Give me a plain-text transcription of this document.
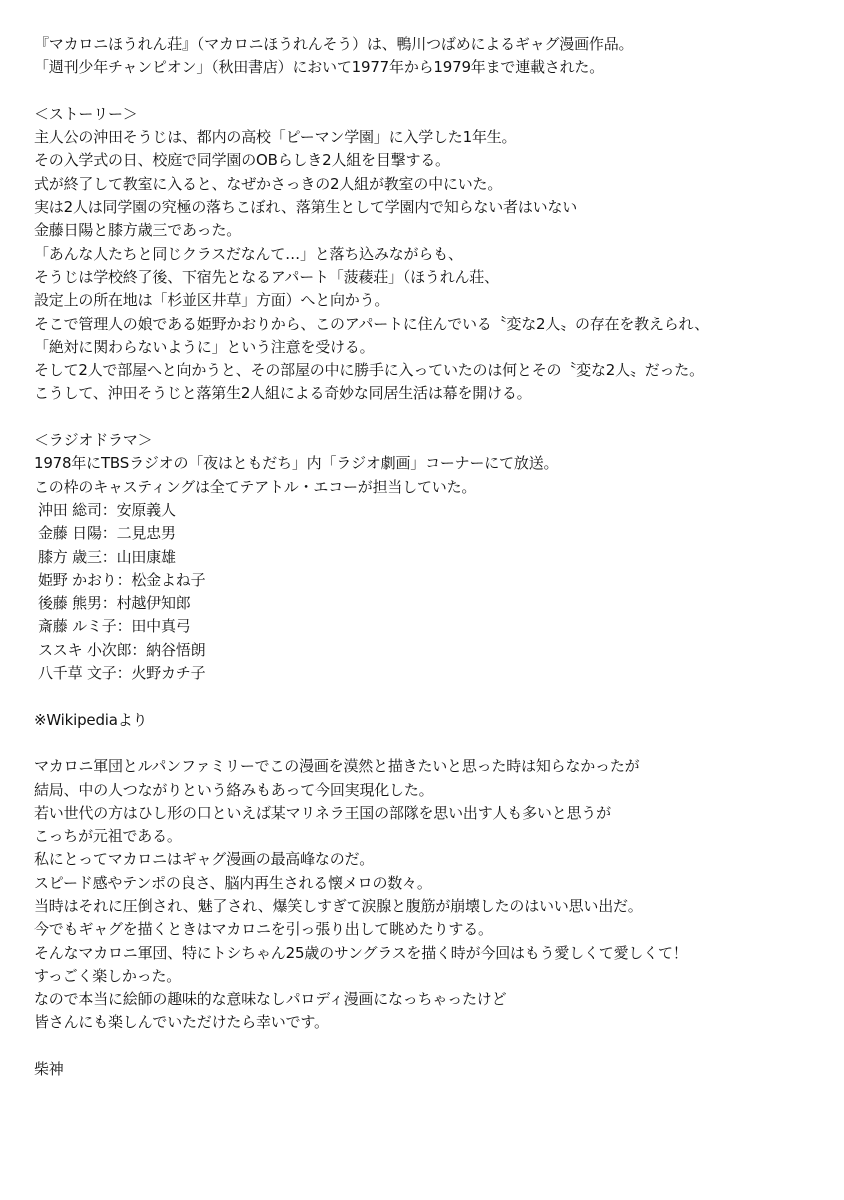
『マカロニほうれん荘』（マカロニほうれんそう）は、鴨川つばめによるギャグ漫画作品。
「週刊少年チャンピオン」（秋田書店）において1977年から1979年まで連載された。
＜ストーリー＞
主人公の沖田そうじは、都内の高校「ピーマン学園」に入学した1年生。
その入学式の日、校庭で同学園のOBらしき2人組を目撃する。
式が終了して教室に入ると、なぜかさっきの2人組が教室の中にいた。
実は2人は同学園の究極の落ちこぼれ、落第生として学園内で知らない者はいない
金藤日陽と膝方歳三であった。
「あんな人たちと同じクラスだなんて…」と落ち込みながらも、
そうじは学校終了後、下宿先となるアパート「菠薐荘」（ほうれん荘、
設定上の所在地は「杉並区井草」方面）へと向かう。
そこで管理人の娘である姫野かおりから、このアパートに住んでいる〝変な2人〟の存在を教えられ、
「絶対に関わらないように」という注意を受ける。
そして2人で部屋へと向かうと、その部屋の中に勝手に入っていたのは何とその〝変な2人〟だった。
こうして、沖田そうじと落第生2人組による奇妙な同居生活は幕を開ける。
＜ラジオドラマ＞
1978年にTBSラジオの「夜はともだち」内「ラジオ劇画」コーナーにて放送。
この枠のキャスティングは全てテアトル・エコーが担当していた。
沖田 総司：安原義人
金藤 日陽：二見忠男
膝方 歳三：山田康雄
姫野 かおり：松金よね子
後藤 熊男：村越伊知郎
斎藤 ルミ子：田中真弓
ススキ 小次郎：納谷悟朗
八千草 文子：火野カチ子
※Wikipediaより
マカロニ軍団とルパンファミリーでこの漫画を漠然と描きたいと思った時は知らなかったが
結局、中の人つながりという絡みもあって今回実現化した。
若い世代の方はひし形の口といえば某マリネラ王国の部隊を思い出す人も多いと思うが
こっちが元祖である。
私にとってマカロニはギャグ漫画の最高峰なのだ。
スピード感やテンポの良さ、脳内再生される懐メロの数々。
当時はそれに圧倒され、魅了され、爆笑しすぎて涙腺と腹筋が崩壊したのはいい思い出だ。
今でもギャグを描くときはマカロニを引っ張り出して眺めたりする。
そんなマカロニ軍団、特にトシちゃん25歳のサングラスを描く時が今回はもう愛しくて愛しくて！
すっごく楽しかった。
なので本当に絵師の趣味的な意味なしパロディ漫画になっちゃったけど
皆さんにも楽しんでいただけたら幸いです。
柴神
